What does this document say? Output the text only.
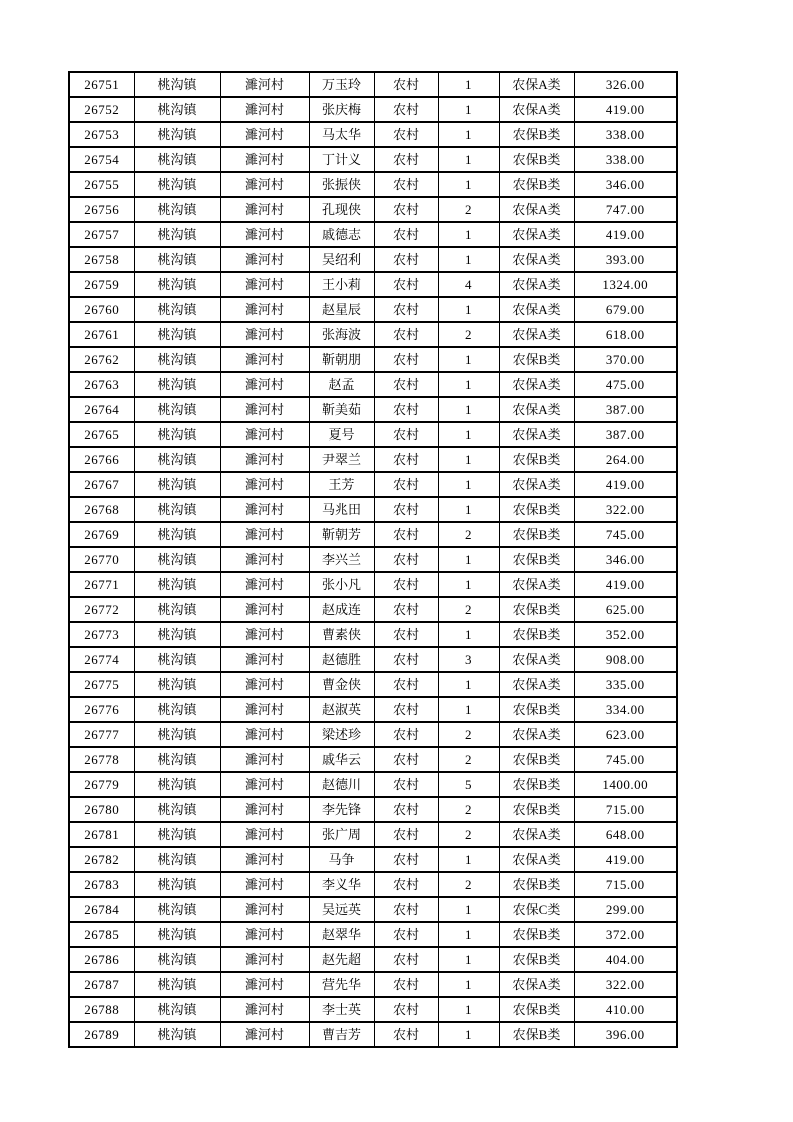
26751	桃沟镇	濉河村	万玉玲	农村	1	农保A类	326.00
26752	桃沟镇	濉河村	张庆梅	农村	1	农保A类	419.00
26753	桃沟镇	濉河村	马太华	农村	1	农保B类	338.00
26754	桃沟镇	濉河村	丁计义	农村	1	农保B类	338.00
26755	桃沟镇	濉河村	张振侠	农村	1	农保B类	346.00
26756	桃沟镇	濉河村	孔现侠	农村	2	农保A类	747.00
26757	桃沟镇	濉河村	戚德志	农村	1	农保A类	419.00
26758	桃沟镇	濉河村	吴绍利	农村	1	农保A类	393.00
26759	桃沟镇	濉河村	王小莉	农村	4	农保A类	1324.00
26760	桃沟镇	濉河村	赵星辰	农村	1	农保A类	679.00
26761	桃沟镇	濉河村	张海波	农村	2	农保A类	618.00
26762	桃沟镇	濉河村	靳朝朋	农村	1	农保B类	370.00
26763	桃沟镇	濉河村	赵孟	农村	1	农保A类	475.00
26764	桃沟镇	濉河村	靳美茹	农村	1	农保A类	387.00
26765	桃沟镇	濉河村	夏号	农村	1	农保A类	387.00
26766	桃沟镇	濉河村	尹翠兰	农村	1	农保B类	264.00
26767	桃沟镇	濉河村	王芳	农村	1	农保A类	419.00
26768	桃沟镇	濉河村	马兆田	农村	1	农保B类	322.00
26769	桃沟镇	濉河村	靳朝芳	农村	2	农保B类	745.00
26770	桃沟镇	濉河村	李兴兰	农村	1	农保B类	346.00
26771	桃沟镇	濉河村	张小凡	农村	1	农保A类	419.00
26772	桃沟镇	濉河村	赵成连	农村	2	农保B类	625.00
26773	桃沟镇	濉河村	曹素侠	农村	1	农保B类	352.00
26774	桃沟镇	濉河村	赵德胜	农村	3	农保A类	908.00
26775	桃沟镇	濉河村	曹金侠	农村	1	农保A类	335.00
26776	桃沟镇	濉河村	赵淑英	农村	1	农保B类	334.00
26777	桃沟镇	濉河村	梁述珍	农村	2	农保A类	623.00
26778	桃沟镇	濉河村	戚华云	农村	2	农保B类	745.00
26779	桃沟镇	濉河村	赵德川	农村	5	农保B类	1400.00
26780	桃沟镇	濉河村	李先锋	农村	2	农保B类	715.00
26781	桃沟镇	濉河村	张广周	农村	2	农保A类	648.00
26782	桃沟镇	濉河村	马争	农村	1	农保A类	419.00
26783	桃沟镇	濉河村	李义华	农村	2	农保B类	715.00
26784	桃沟镇	濉河村	吴远英	农村	1	农保C类	299.00
26785	桃沟镇	濉河村	赵翠华	农村	1	农保B类	372.00
26786	桃沟镇	濉河村	赵先超	农村	1	农保B类	404.00
26787	桃沟镇	濉河村	营先华	农村	1	农保A类	322.00
26788	桃沟镇	濉河村	李士英	农村	1	农保B类	410.00
26789	桃沟镇	濉河村	曹吉芳	农村	1	农保B类	396.00
